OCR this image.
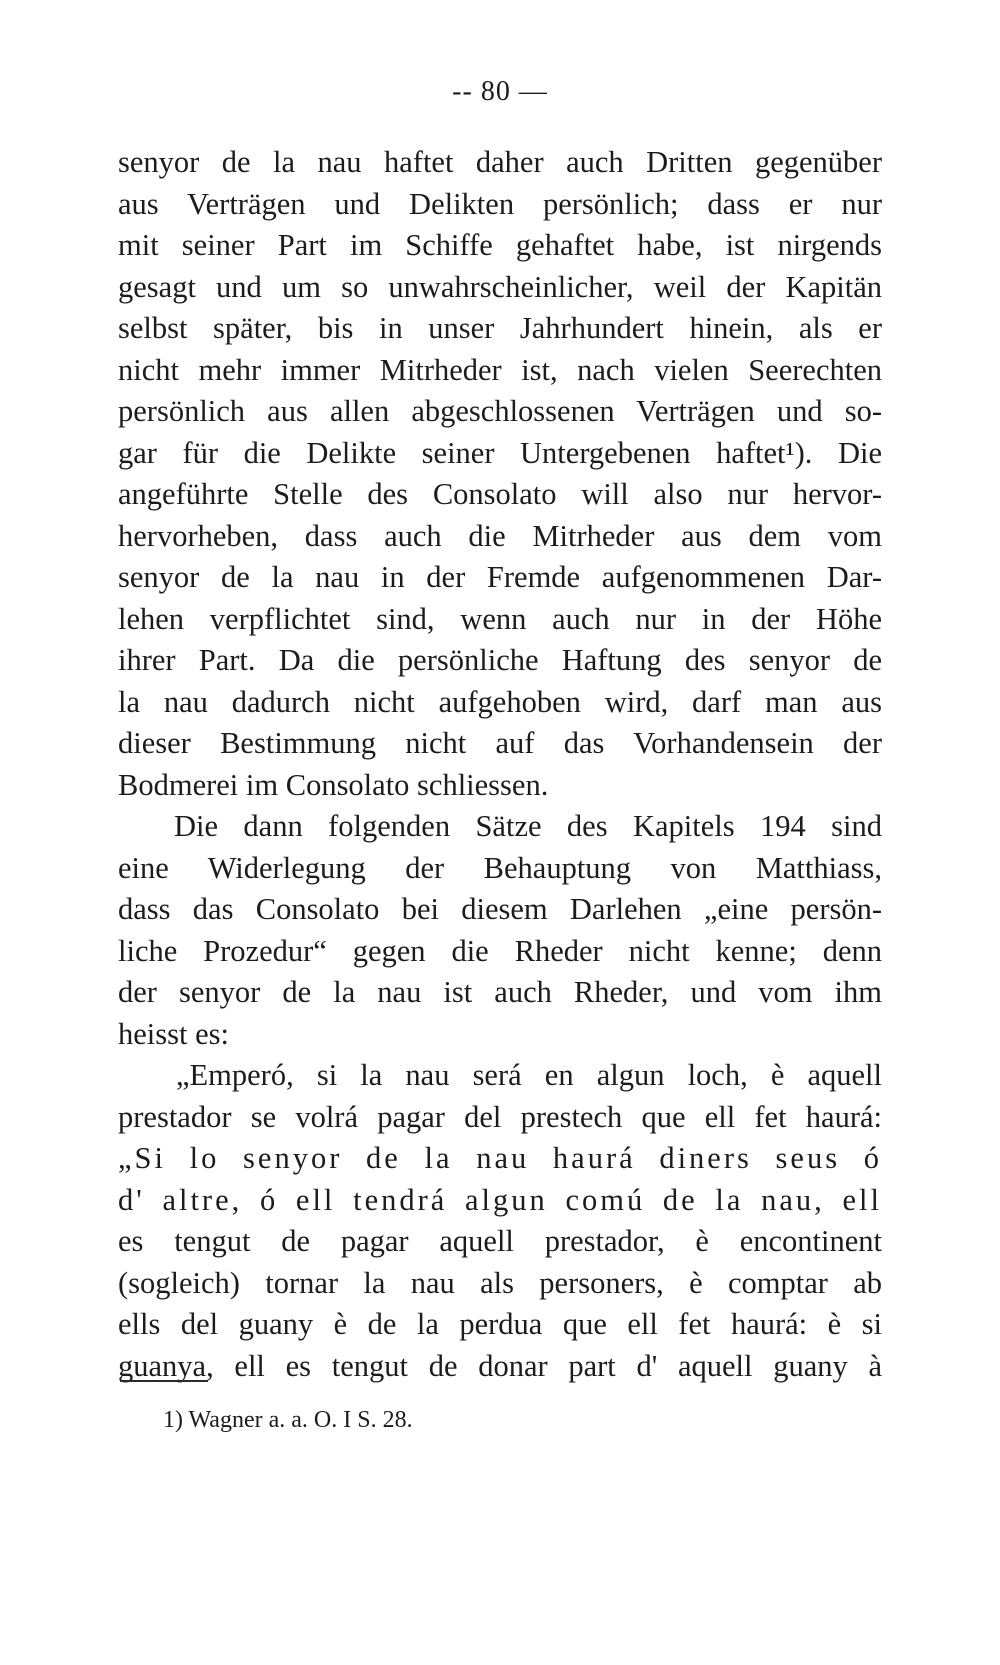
-- 80 —
senyor de la nau haftet daher auch Dritten gegenüber
aus Verträgen und Delikten persönlich; dass er nur
mit seiner Part im Schiffe gehaftet habe, ist nirgends
gesagt und um so unwahrscheinlicher, weil der Kapitän
selbst später, bis in unser Jahrhundert hinein, als er
nicht mehr immer Mitrheder ist, nach vielen Seerechten
persönlich aus allen abgeschlossenen Verträgen und so-
gar für die Delikte seiner Untergebenen haftet¹). Die
angeführte Stelle des Consolato will also nur hervor-
hervorheben, dass auch die Mitrheder aus dem vom
senyor de la nau in der Fremde aufgenommenen Dar-
lehen verpflichtet sind, wenn auch nur in der Höhe
ihrer Part. Da die persönliche Haftung des senyor de
la nau dadurch nicht aufgehoben wird, darf man aus
dieser Bestimmung nicht auf das Vorhandensein der
Bodmerei im Consolato schliessen.
Die dann folgenden Sätze des Kapitels 194 sind
eine Widerlegung der Behauptung von Matthiass,
dass das Consolato bei diesem Darlehen „eine persön-
liche Prozedur“ gegen die Rheder nicht kenne; denn
der senyor de la nau ist auch Rheder, und vom ihm
heisst es:
„Emperó, si la nau será en algun loch, è aquell
prestador se volrá pagar del prestech que ell fet haurá:
„Si lo senyor de la nau haurá diners seus ó
d' altre, ó ell tendrá algun comú de la nau, ell
es tengut de pagar aquell prestador, è encontinent
(sogleich) tornar la nau als personers, è comptar ab
ells del guany è de la perdua que ell fet haurá: è si
guanya, ell es tengut de donar part d' aquell guany à
1) Wagner a. a. O. I S. 28.
